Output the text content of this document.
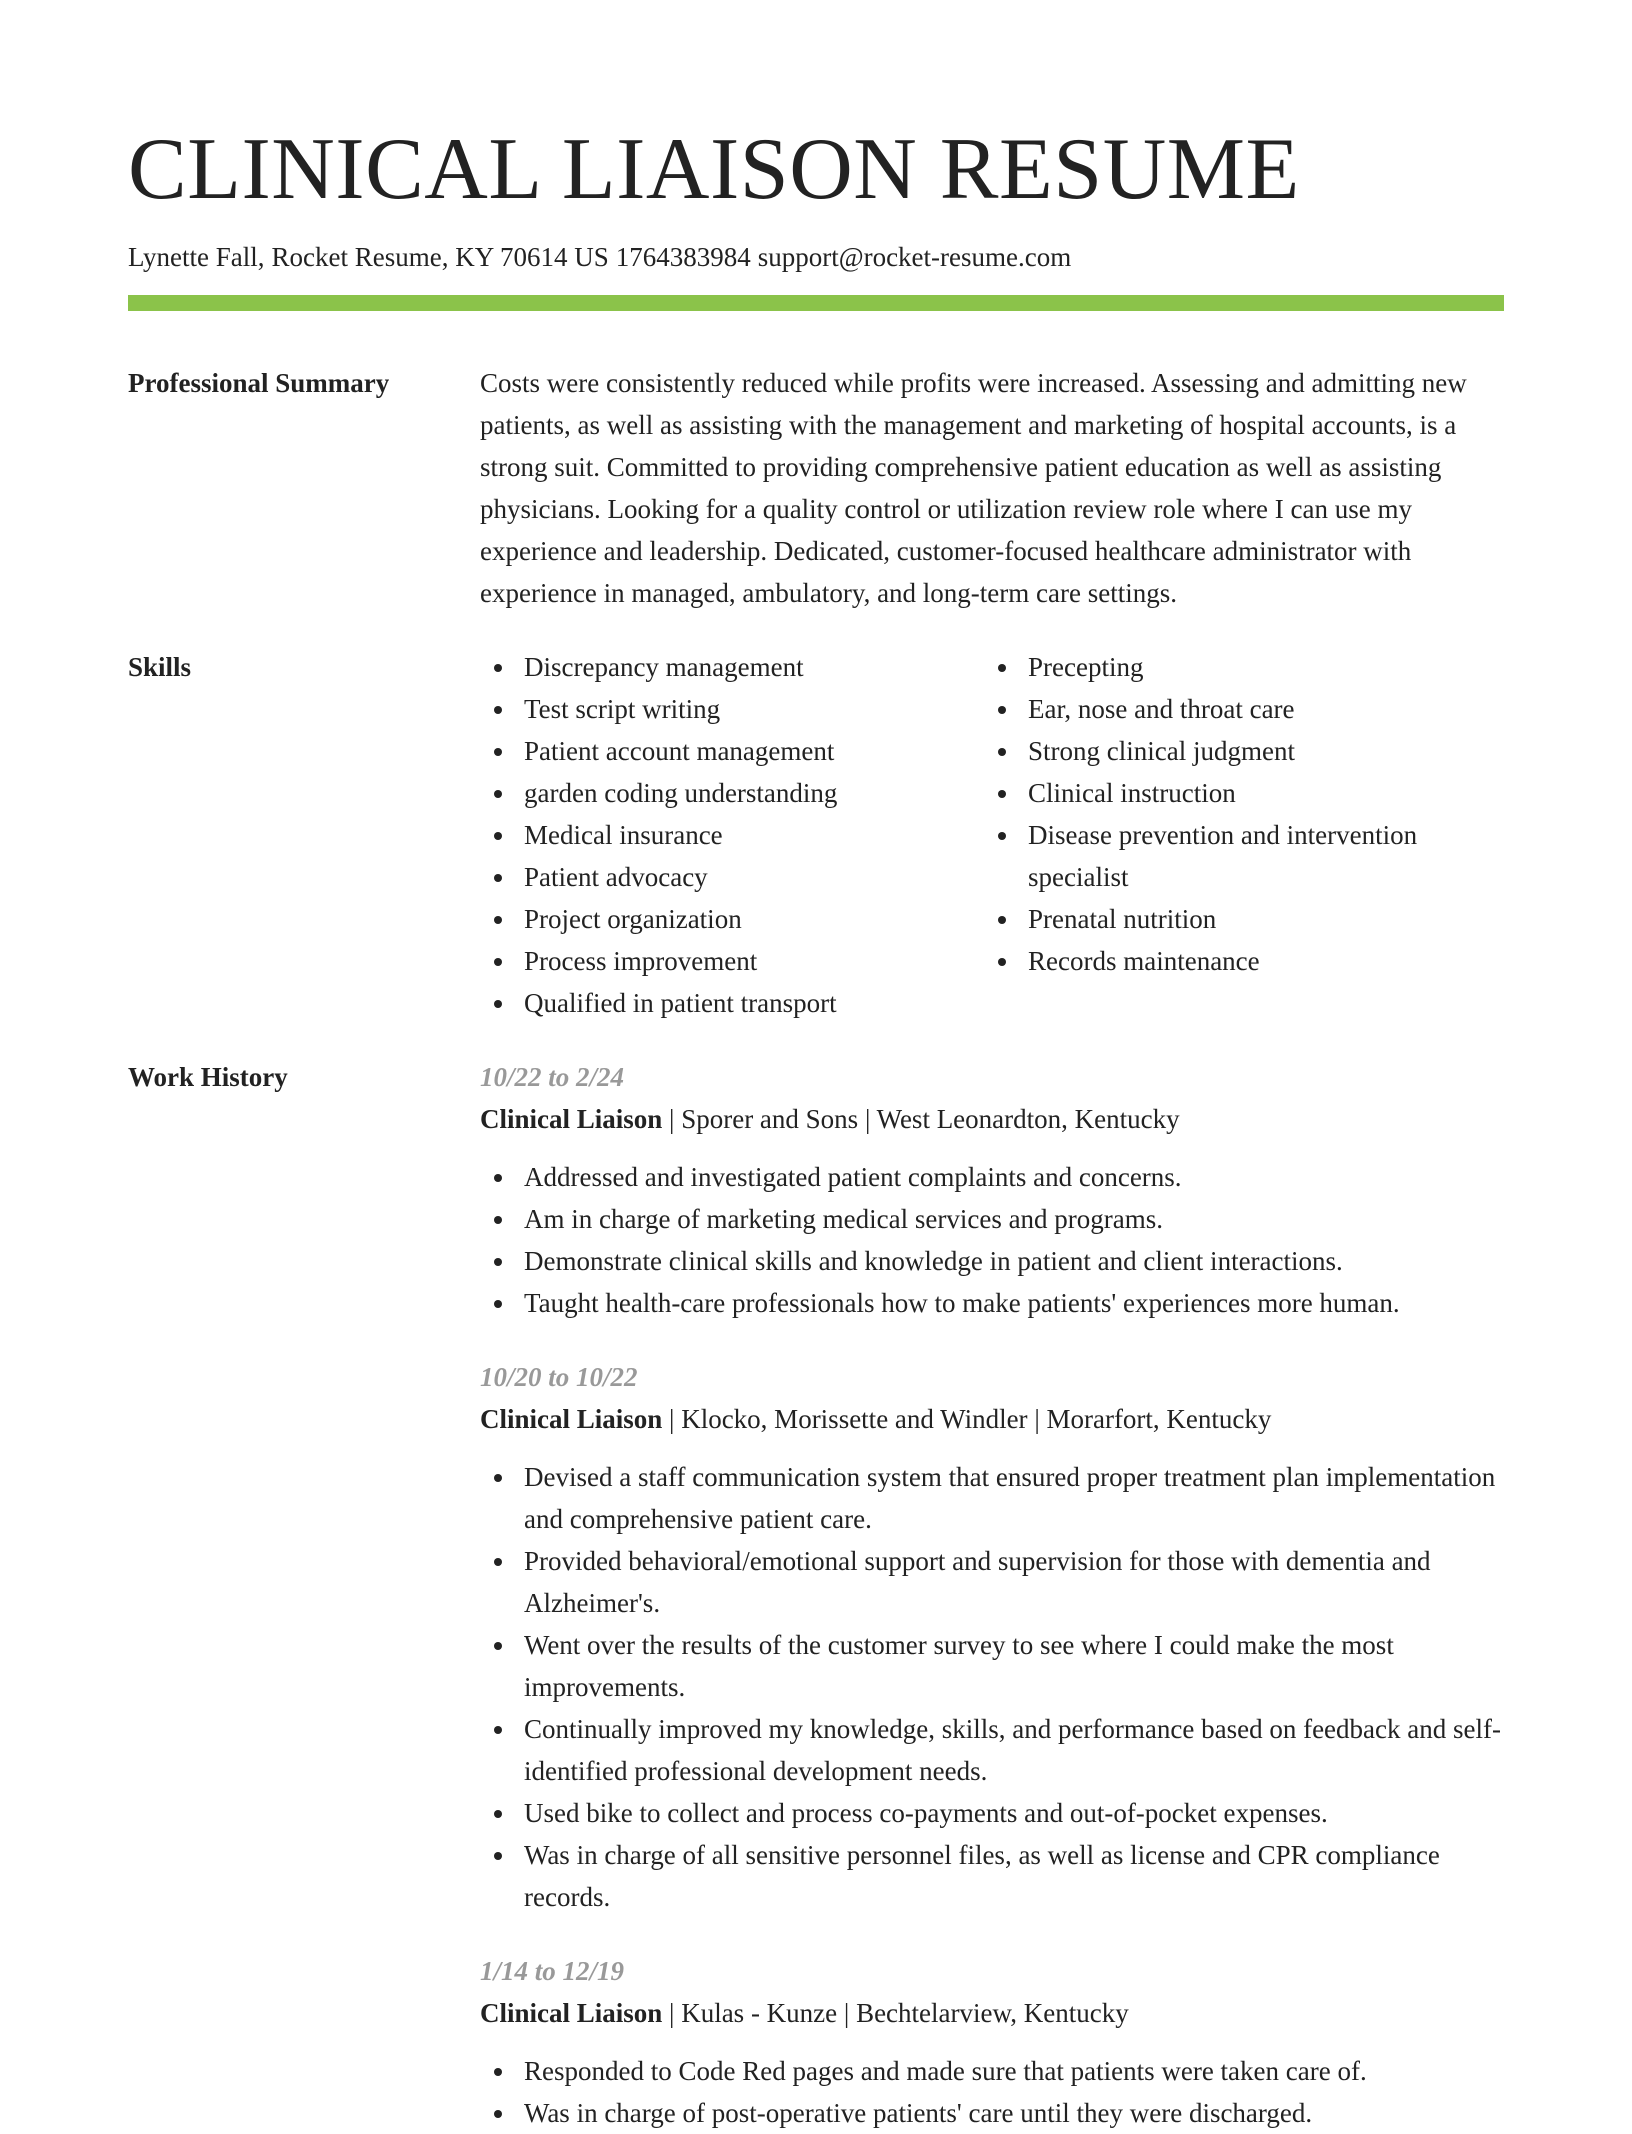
CLINICAL LIAISON RESUME
Lynette Fall, Rocket Resume, KY 70614 US 1764383984 support@rocket-resume.com
Professional Summary	Costs were consistently reduced while profits were increased. Assessing and admitting new patients, as well as assisting with the management and marketing of hospital accounts, is a strong suit. Committed to providing comprehensive patient education as well as assisting physicians. Looking for a quality control or utilization review role where I can use my experience and leadership. Dedicated, customer-focused healthcare administrator with experience in managed, ambulatory, and long-term care settings.
Skills	Discrepancy management
Test script writing
Patient account management
garden coding understanding
Medical insurance
Patient advocacy
Project organization
Process improvement
Qualified in patient transport
Precepting
Ear, nose and throat care
Strong clinical judgment
Clinical instruction
Disease prevention and intervention specialist
Prenatal nutrition
Records maintenance
Work History	10/22 to 2/24
Clinical Liaison | Sporer and Sons | West Leonardton, Kentucky
Addressed and investigated patient complaints and concerns.
Am in charge of marketing medical services and programs.
Demonstrate clinical skills and knowledge in patient and client interactions.
Taught health-care professionals how to make patients' experiences more human.
10/20 to 10/22
Clinical Liaison | Klocko, Morissette and Windler | Morarfort, Kentucky
Devised a staff communication system that ensured proper treatment plan implementation and comprehensive patient care.
Provided behavioral/emotional support and supervision for those with dementia and Alzheimer's.
Went over the results of the customer survey to see where I could make the most improvements.
Continually improved my knowledge, skills, and performance based on feedback and self-identified professional development needs.
Used bike to collect and process co-payments and out-of-pocket expenses.
Was in charge of all sensitive personnel files, as well as license and CPR compliance records.
1/14 to 12/19
Clinical Liaison | Kulas - Kunze | Bechtelarview, Kentucky
Responded to Code Red pages and made sure that patients were taken care of.
Was in charge of post-operative patients' care until they were discharged.
